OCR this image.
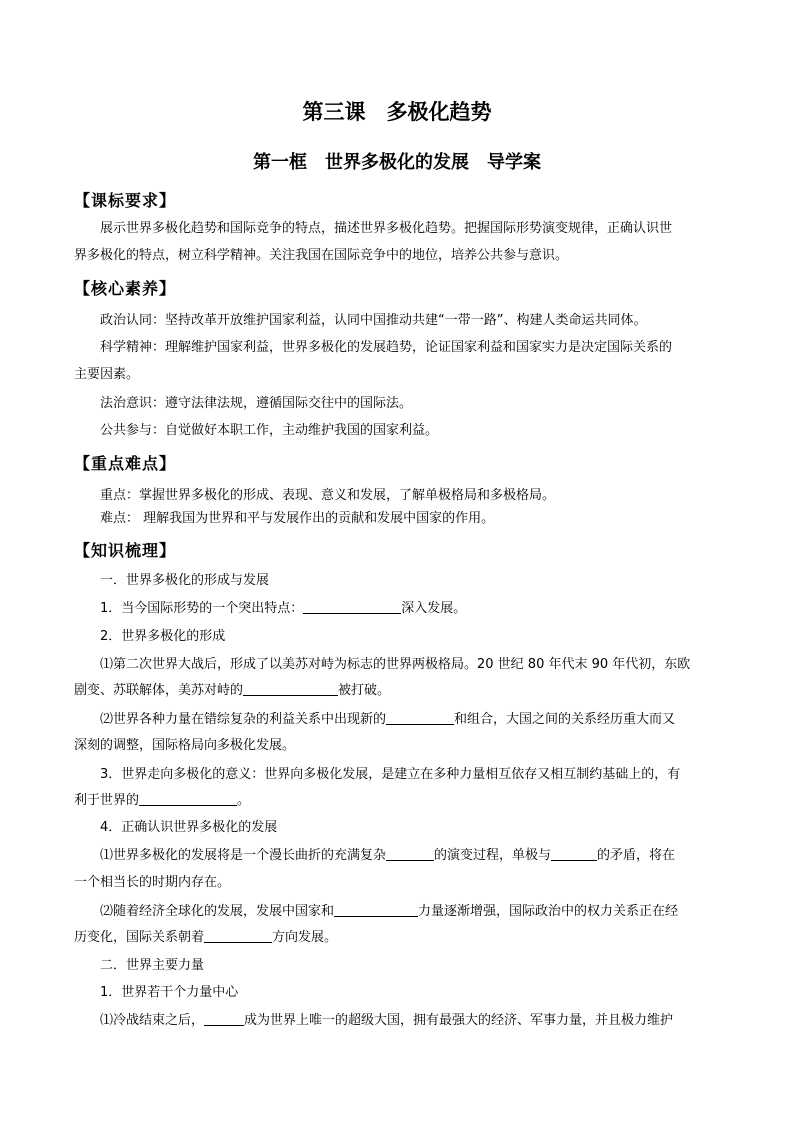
第三课　多极化趋势
第一框　世界多极化的发展　导学案
【课标要求】
展示世界多极化趋势和国际竞争的特点，描述世界多极化趋势。把握国际形势演变规律，正确认识世
界多极化的特点，树立科学精神。关注我国在国际竞争中的地位，培养公共参与意识。
【核心素养】
政治认同：坚持改革开放维护国家利益，认同中国推动共建“一带一路”、构建人类命运共同体。
科学精神：理解维护国家利益，世界多极化的发展趋势，论证国家利益和国家实力是决定国际关系的
主要因素。
法治意识：遵守法律法规，遵循国际交往中的国际法。
公共参与：自觉做好本职工作，主动维护我国的国家利益。
【重点难点】
重点：掌握世界多极化的形成、表现、意义和发展，了解单极格局和多极格局。
难点： 理解我国为世界和平与发展作出的贡献和发展中国家的作用。
【知识梳理】
一．世界多极化的形成与发展
1．当今国际形势的一个突出特点：	深入发展。
2．世界多极化的形成
⑴第二次世界大战后，形成了以美苏对峙为标志的世界两极格局。20 世纪 80 年代末 90 年代初，东欧
剧变、苏联解体，美苏对峙的	被打破。
⑵世界各种力量在错综复杂的利益关系中出现新的	和组合，大国之间的关系经历重大而又
深刻的调整，国际格局向多极化发展。
3．世界走向多极化的意义：世界向多极化发展，是建立在多种力量相互依存又相互制约基础上的，有
利于世界的	。
4．正确认识世界多极化的发展
⑴世界多极化的发展将是一个漫长曲折的充满复杂	的演变过程，单极与	的矛盾，将在
一个相当长的时期内存在。
⑵随着经济全球化的发展，发展中国家和	力量逐渐增强，国际政治中的权力关系正在经
历变化，国际关系朝着	方向发展。
二．世界主要力量
1．世界若干个力量中心
⑴冷战结束之后，	成为世界上唯一的超级大国，拥有最强大的经济、军事力量，并且极力维护
